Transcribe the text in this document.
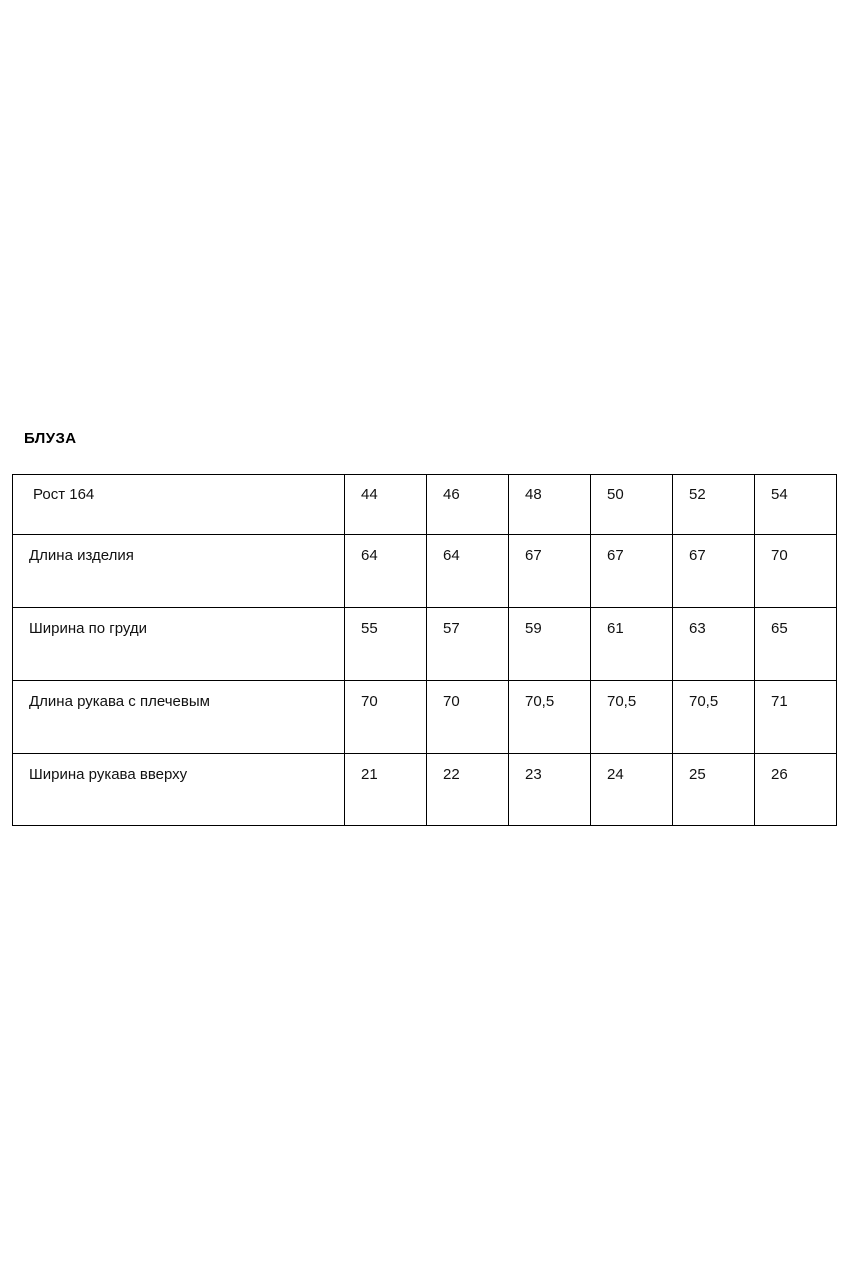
БЛУЗА
Рост 164	44	46	48	50	52	54
Длина изделия	64	64	67	67	67	70
Ширина по груди	55	57	59	61	63	65
Длина рукава с плечевым	70	70	70,5	70,5	70,5	71
Ширина рукава вверху	21	22	23	24	25	26
